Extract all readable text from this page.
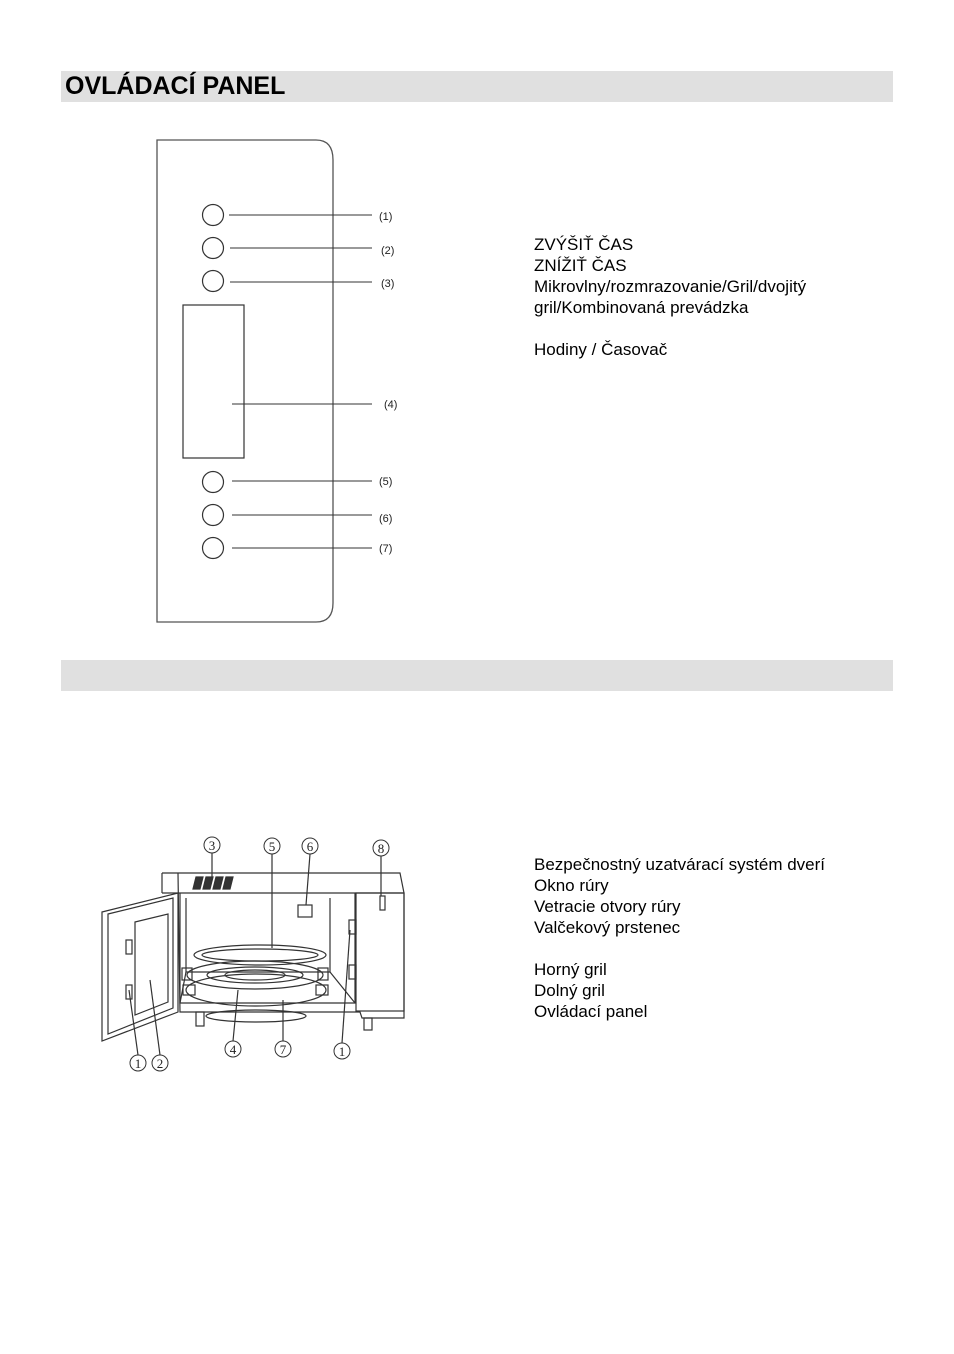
OVLÁDACÍ PANEL
(1)
(2)
(3)
(4)
(5)
(6)
(7)
ZVÝŠIŤ ČAS
ZNÍŽIŤ ČAS
Mikrovlny/rozmrazovanie/Gril/dvojitý
gril/Kombinovaná prevádzka
Hodiny / Časovač
3	5 6	8
1 2
4	7	1
Bezpečnostný uzatvárací systém dverí
Okno rúry
Vetracie otvory rúry
Valčekový prstenec
Horný gril
Dolný gril
Ovládací panel
